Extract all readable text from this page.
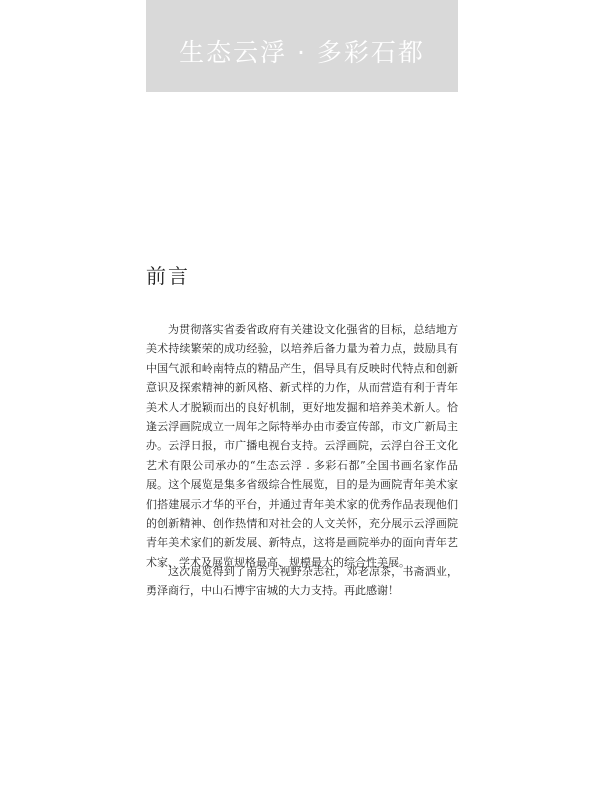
生态云浮 · 多彩石都
前言

为贯彻落实省委省政府有关建设文化强省的目标，总结地方美术持续繁荣的成功经验，以培养后备力量为着力点，鼓励具有中国气派和岭南特点的精品产生，倡导具有反映时代特点和创新意识及探索精神的新风格、新式样的力作，从而营造有利于青年美术人才脱颖而出的良好机制，更好地发掘和培养美术新人。恰逢云浮画院成立一周年之际特举办由市委宣传部，市文广新局主办。云浮日报，市广播电视台支持。云浮画院，云浮白谷王文化艺术有限公司承办的“生态云浮 . 多彩石都”全国书画名家作品展。这个展览是集多省级综合性展览，目的是为画院青年美术家们搭建展示才华的平台，并通过青年美术家的优秀作品表现他们的创新精神、创作热情和对社会的人文关怀，充分展示云浮画院青年美术家们的新发展、新特点，这将是画院举办的面向青年艺术家、学术及展览规格最高、规模最大的综合性美展。

这次展览得到了南方大视野杂志社，邓老凉茶，书斋酒业，勇泽商行，中山石博宇宙城的大力支持。再此感谢！
